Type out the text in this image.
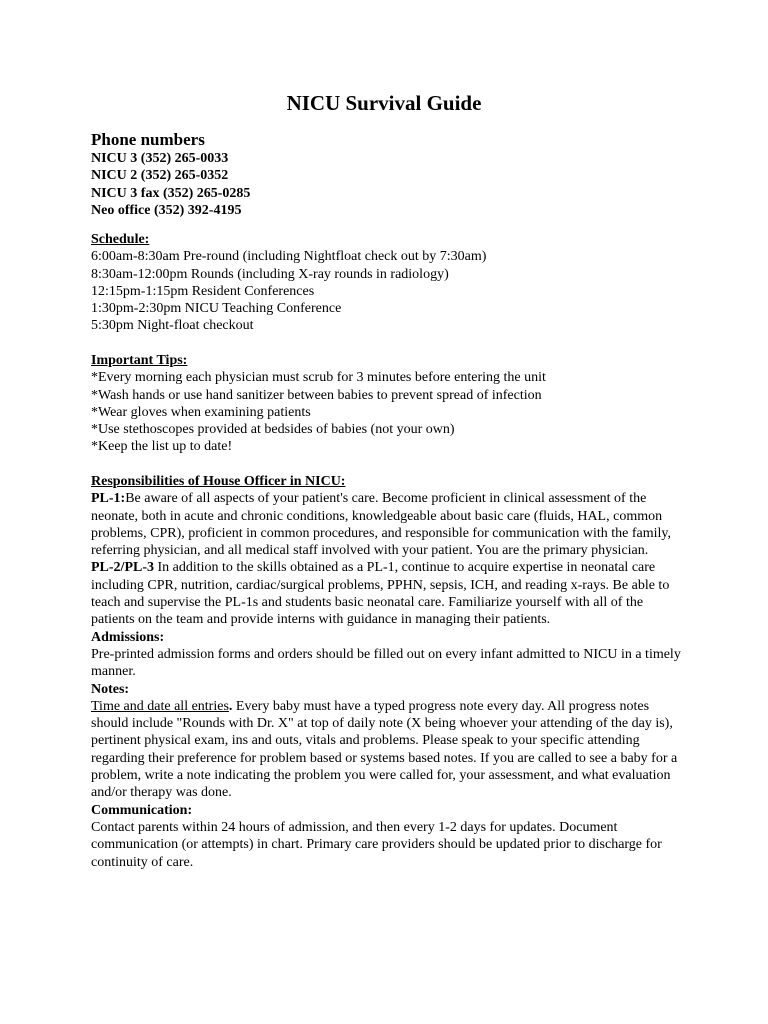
NICU Survival Guide

Phone numbers

NICU 3 (352) 265-0033

NICU 2 (352) 265-0352

NICU 3 fax (352) 265-0285

Neo office (352) 392-4195

Schedule:

6:00am-8:30am Pre-round (including Nightfloat check out by 7:30am)

8:30am-12:00pm Rounds (including X-ray rounds in radiology)

12:15pm-1:15pm Resident Conferences

1:30pm-2:30pm NICU Teaching Conference

5:30pm Night-float checkout

Important Tips:

*Every morning each physician must scrub for 3 minutes before entering the unit

*Wash hands or use hand sanitizer between babies to prevent spread of infection

*Wear gloves when examining patients

*Use stethoscopes provided at bedsides of babies (not your own)

*Keep the list up to date!

Responsibilities of House Officer in NICU:

PL-1:Be aware of all aspects of your patient's care. Become proficient in clinical assessment of the neonate, both in acute and chronic conditions, knowledgeable about basic care (fluids, HAL, common problems, CPR), proficient in common procedures, and responsible for communication with the family, referring physician, and all medical staff involved with your patient. You are the primary physician.

PL-2/PL-3 In addition to the skills obtained as a PL-1, continue to acquire expertise in neonatal care including CPR, nutrition, cardiac/surgical problems, PPHN, sepsis, ICH, and reading x-rays. Be able to teach and supervise the PL-1s and students basic neonatal care. Familiarize yourself with all of the patients on the team and provide interns with guidance in managing their patients.

Admissions:

Pre-printed admission forms and orders should be filled out on every infant admitted to NICU in a timely manner.

Notes:

Time and date all entries. Every baby must have a typed progress note every day. All progress notes should include "Rounds with Dr. X" at top of daily note (X being whoever your attending of the day is), pertinent physical exam, ins and outs, vitals and problems. Please speak to your specific attending regarding their preference for problem based or systems based notes. If you are called to see a baby for a problem, write a note indicating the problem you were called for, your assessment, and what evaluation and/or therapy was done.

Communication:

Contact parents within 24 hours of admission, and then every 1-2 days for updates. Document communication (or attempts) in chart. Primary care providers should be updated prior to discharge for continuity of care.
